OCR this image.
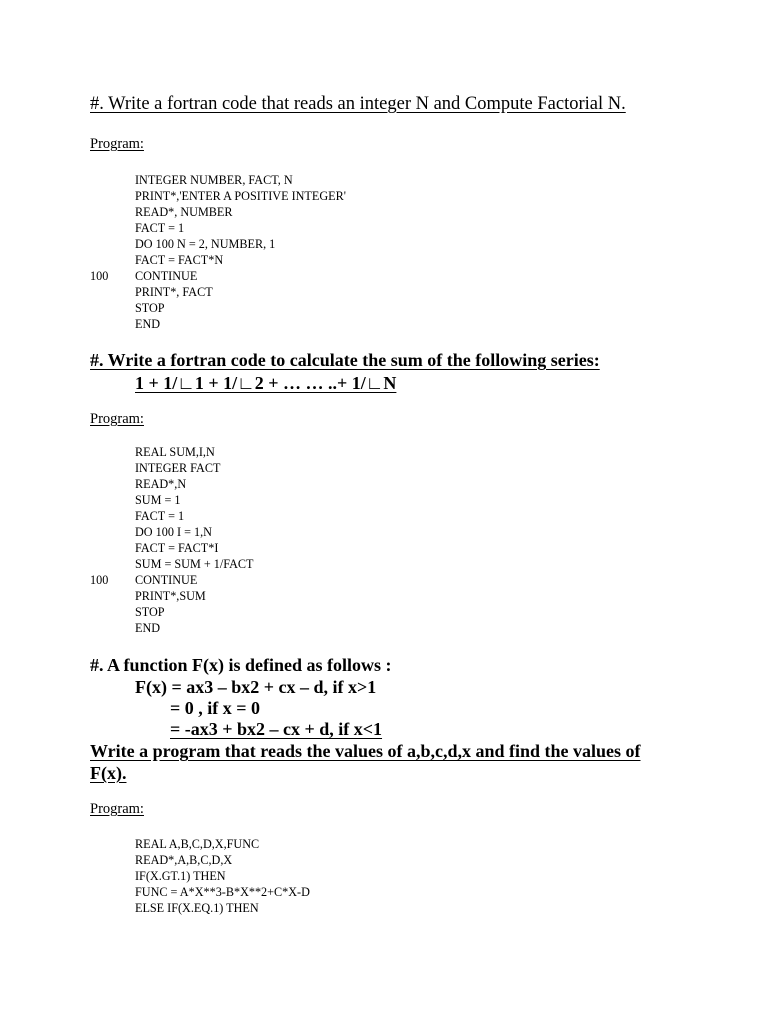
#. Write a fortran code that reads an integer N and Compute Factorial N.
Program:
INTEGER NUMBER, FACT, N
PRINT*,'ENTER A POSITIVE INTEGER'
READ*, NUMBER
FACT = 1
DO 100 N = 2, NUMBER, 1
FACT = FACT*N
100 CONTINUE
PRINT*, FACT
STOP
END
#. Write a fortran code to calculate the sum of the following series:
1 + 1/∟1 + 1/∟2 + … … ..+ 1/∟N
Program:
REAL SUM,I,N
INTEGER FACT
READ*,N
SUM = 1
FACT = 1
DO 100 I = 1,N
FACT = FACT*I
SUM = SUM + 1/FACT
100 CONTINUE
PRINT*,SUM
STOP
END
#. A function F(x) is defined as follows :
F(x) = ax3 – bx2 + cx – d, if x>1
= 0 , if x = 0
= -ax3 + bx2 – cx + d, if x<1
Write a program that reads the values of a,b,c,d,x and find the values of
F(x).
Program:
REAL A,B,C,D,X,FUNC
READ*,A,B,C,D,X
IF(X.GT.1) THEN
FUNC = A*X**3-B*X**2+C*X-D
ELSE IF(X.EQ.1) THEN
